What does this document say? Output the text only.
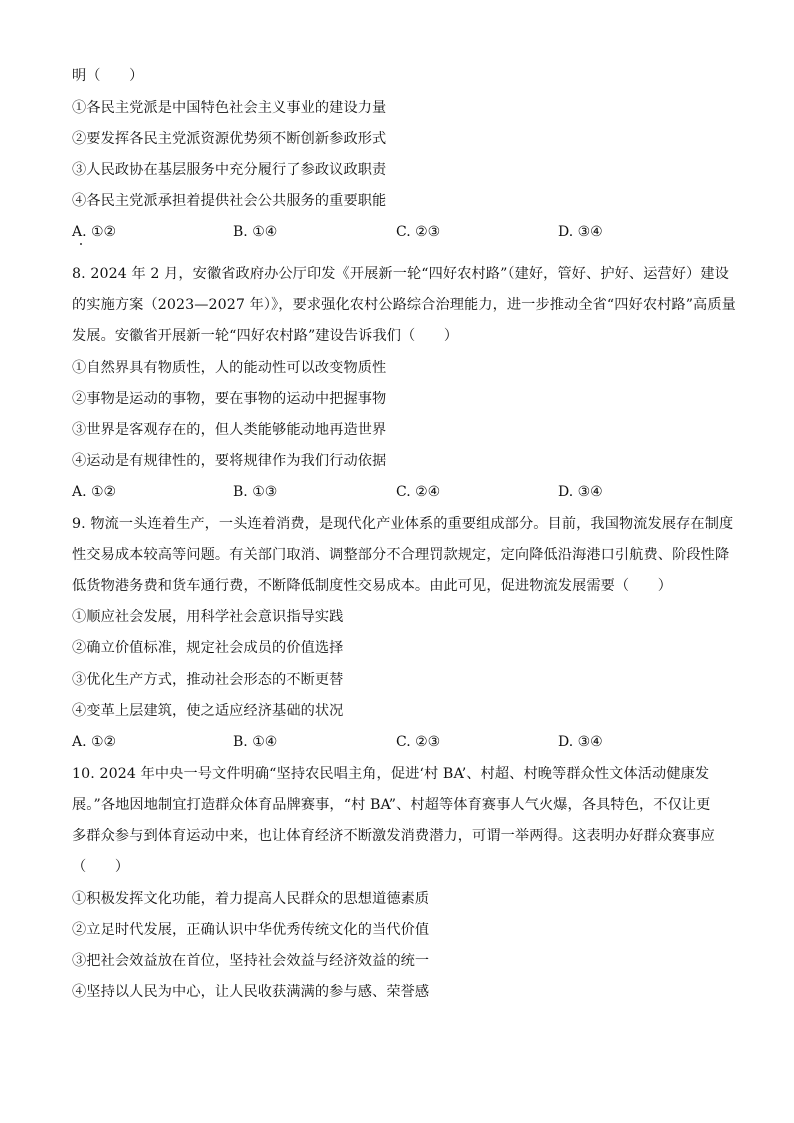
明（　　）
①各民主党派是中国特色社会主义事业的建设力量
②要发挥各民主党派资源优势须不断创新参政形式
③人民政协在基层服务中充分履行了参政议政职责
④各民主党派承担着提供社会公共服务的重要职能
A. ①②	B. ①④	C. ②③	D. ③④
8. 2024 年 2 月，安徽省政府办公厅印发《开展新一轮“四好农村路”（建好，管好、护好、运营好）建设
的实施方案（2023—2027 年）》，要求强化农村公路综合治理能力，进一步推动全省“四好农村路”高质量
发展。安徽省开展新一轮“四好农村路”建设告诉我们（　　）
①自然界具有物质性，人的能动性可以改变物质性
②事物是运动的事物，要在事物的运动中把握事物
③世界是客观存在的，但人类能够能动地再造世界
④运动是有规律性的，要将规律作为我们行动依据
A. ①②	B. ①③	C. ②④	D. ③④
9. 物流一头连着生产，一头连着消费，是现代化产业体系的重要组成部分。目前，我国物流发展存在制度
性交易成本较高等问题。有关部门取消、调整部分不合理罚款规定，定向降低沿海港口引航费、阶段性降
低货物港务费和货车通行费，不断降低制度性交易成本。由此可见，促进物流发展需要（　　）
①顺应社会发展，用科学社会意识指导实践
②确立价值标准，规定社会成员的价值选择
③优化生产方式，推动社会形态的不断更替
④变革上层建筑，使之适应经济基础的状况
A. ①②	B. ①④	C. ②③	D. ③④
10. 2024 年中央一号文件明确“坚持农民唱主角，促进‘村 BA’、村超、村晚等群众性文体活动健康发
展。”各地因地制宜打造群众体育品牌赛事，“村 BA”、村超等体育赛事人气火爆，各具特色，不仅让更
多群众参与到体育运动中来，也让体育经济不断激发消费潜力，可谓一举两得。这表明办好群众赛事应
（　　）
①积极发挥文化功能，着力提高人民群众的思想道德素质
②立足时代发展，正确认识中华优秀传统文化的当代价值
③把社会效益放在首位，坚持社会效益与经济效益的统一
④坚持以人民为中心，让人民收获满满的参与感、荣誉感
